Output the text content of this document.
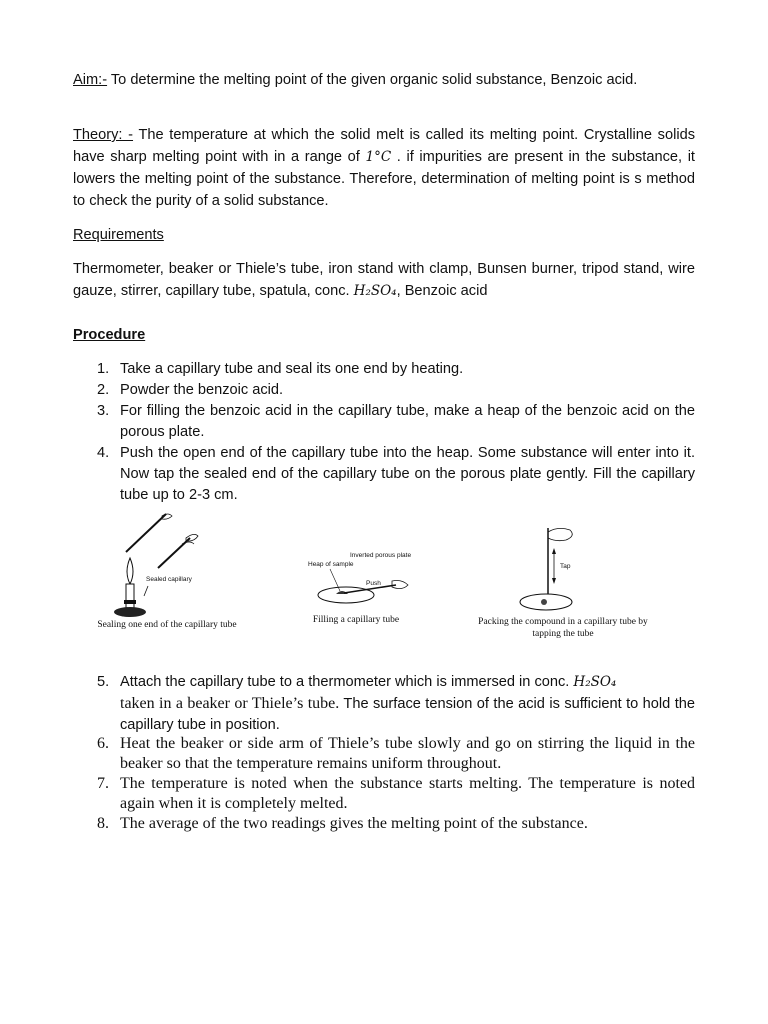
Aim:- To determine the melting point of the given organic solid substance, Benzoic acid.

Theory: - The temperature at which the solid melt is called its melting point. Crystalline solids have sharp melting point with in a range of 1°C . if impurities are present in the substance, it lowers the melting point of the substance. Therefore, determination of melting point is s method to check the purity of a solid substance.

Requirements

Thermometer, beaker or Thiele’s tube, iron stand with clamp, Bunsen burner, tripod stand, wire gauze, stirrer, capillary tube, spatula, conc. H₂SO₄, Benzoic acid

Procedure

1. Take a capillary tube and seal its one end by heating.
2. Powder the benzoic acid.
3. For filling the benzoic acid in the capillary tube, make a heap of the benzoic acid on the porous plate.
4. Push the open end of the capillary tube into the heap. Some substance will enter into it. Now tap the sealed end of the capillary tube on the porous plate gently. Fill the capillary tube up to 2-3 cm.
Sealed capillary
Sealing one end of the capillary tube
Inverted porous plate
Heap of sample
Push
Filling a capillary tube
Tap
Packing the compound in a capillary tube by tapping the tube
5. Attach the capillary tube to a thermometer which is immersed in conc. H₂SO₄
taken in a beaker or Thiele’s tube. The surface tension of the acid is sufficient to hold the capillary tube in position.
6. Heat the beaker or side arm of Thiele’s tube slowly and go on stirring the liquid in the beaker so that the temperature remains uniform throughout.
7. The temperature is noted when the substance starts melting. The temperature is noted again when it is completely melted.
8. The average of the two readings gives the melting point of the substance.
